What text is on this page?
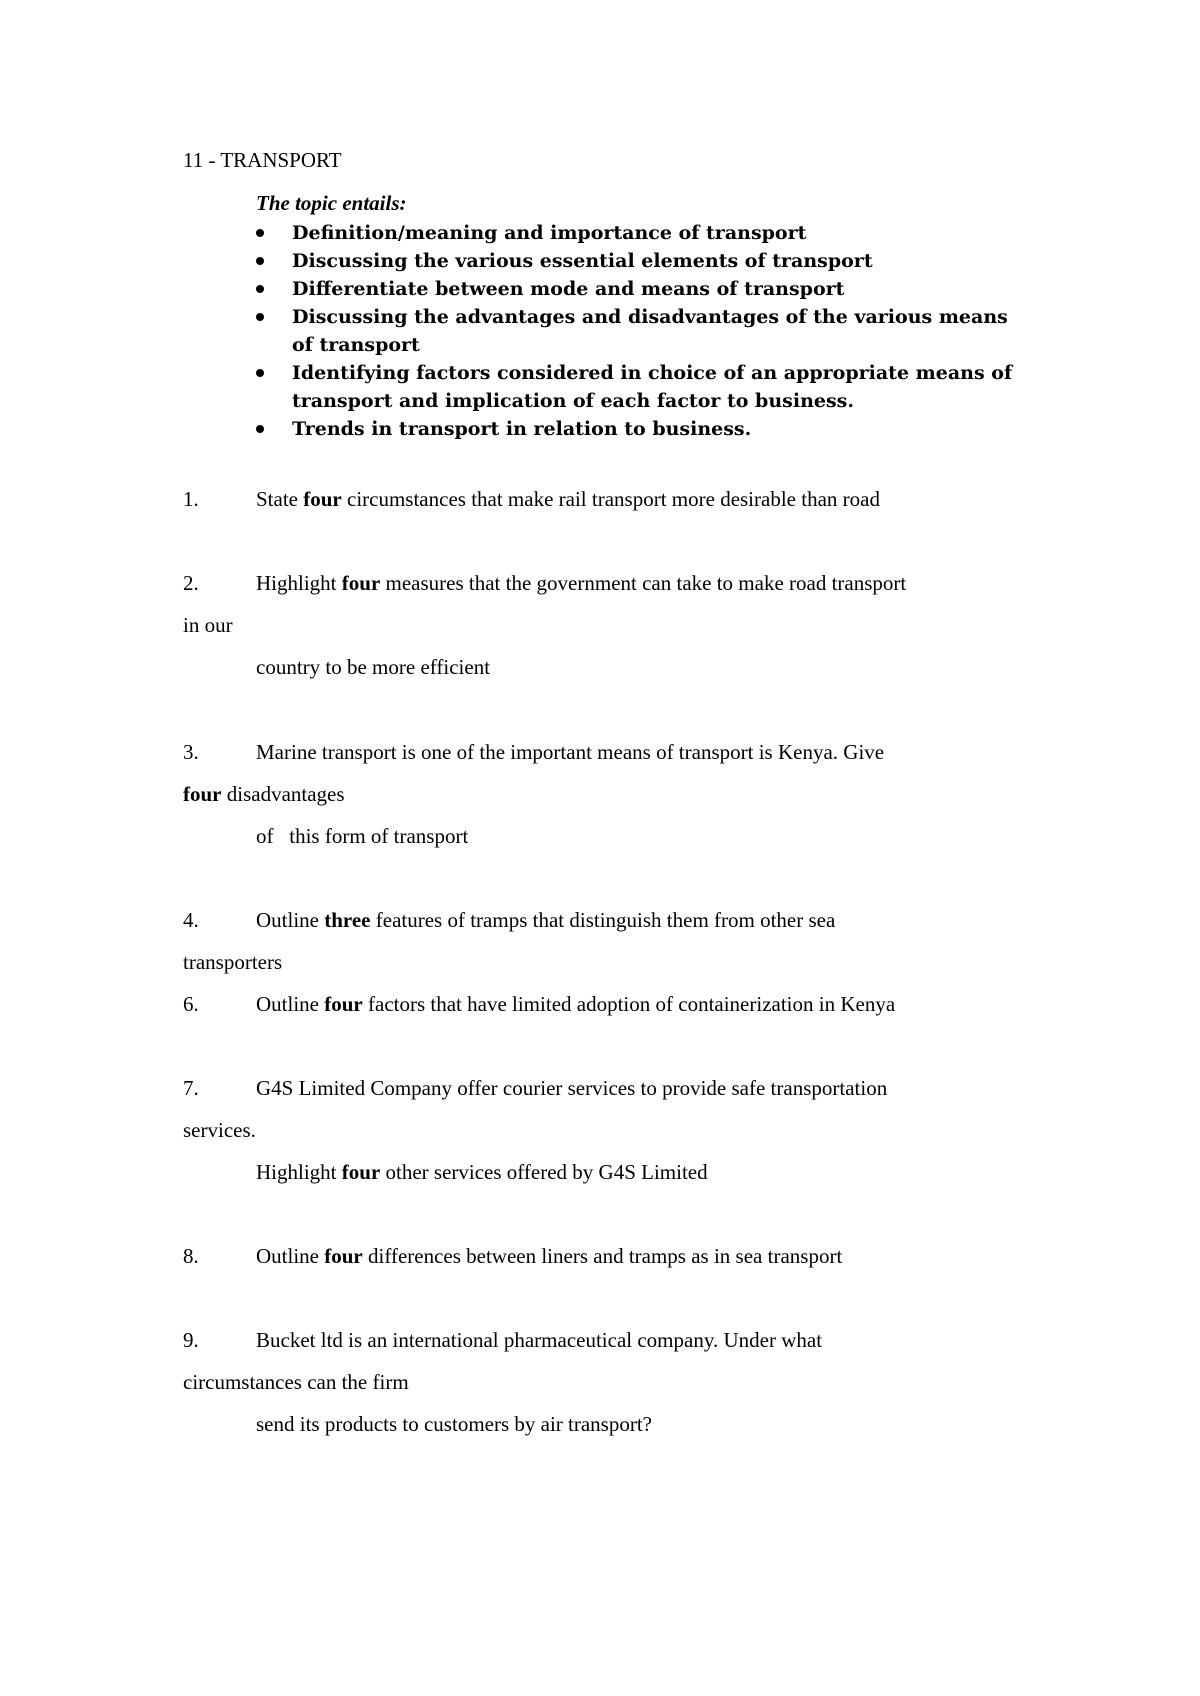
11 - TRANSPORT
The topic entails:
Definition/meaning and importance of transport
Discussing the various essential elements of transport
Differentiate between mode and means of transport
Discussing the advantages and disadvantages of the various means of transport
Identifying factors considered in choice of an appropriate means of transport and implication of each factor to business.
Trends in transport in relation to business.
1.	State four circumstances that make rail transport more desirable than road
2.	Highlight four measures that the government can take to make road transport
in our
country to be more efficient
3.	Marine transport is one of the important means of transport is Kenya. Give
four disadvantages
of   this form of transport
4.	Outline three features of tramps that distinguish them from other sea
transporters
6.	Outline four factors that have limited adoption of containerization in Kenya
7.	G4S Limited Company offer courier services to provide safe transportation
services.
Highlight four other services offered by G4S Limited
8.	Outline four differences between liners and tramps as in sea transport
9.	Bucket ltd is an international pharmaceutical company. Under what
circumstances can the firm
send its products to customers by air transport?
